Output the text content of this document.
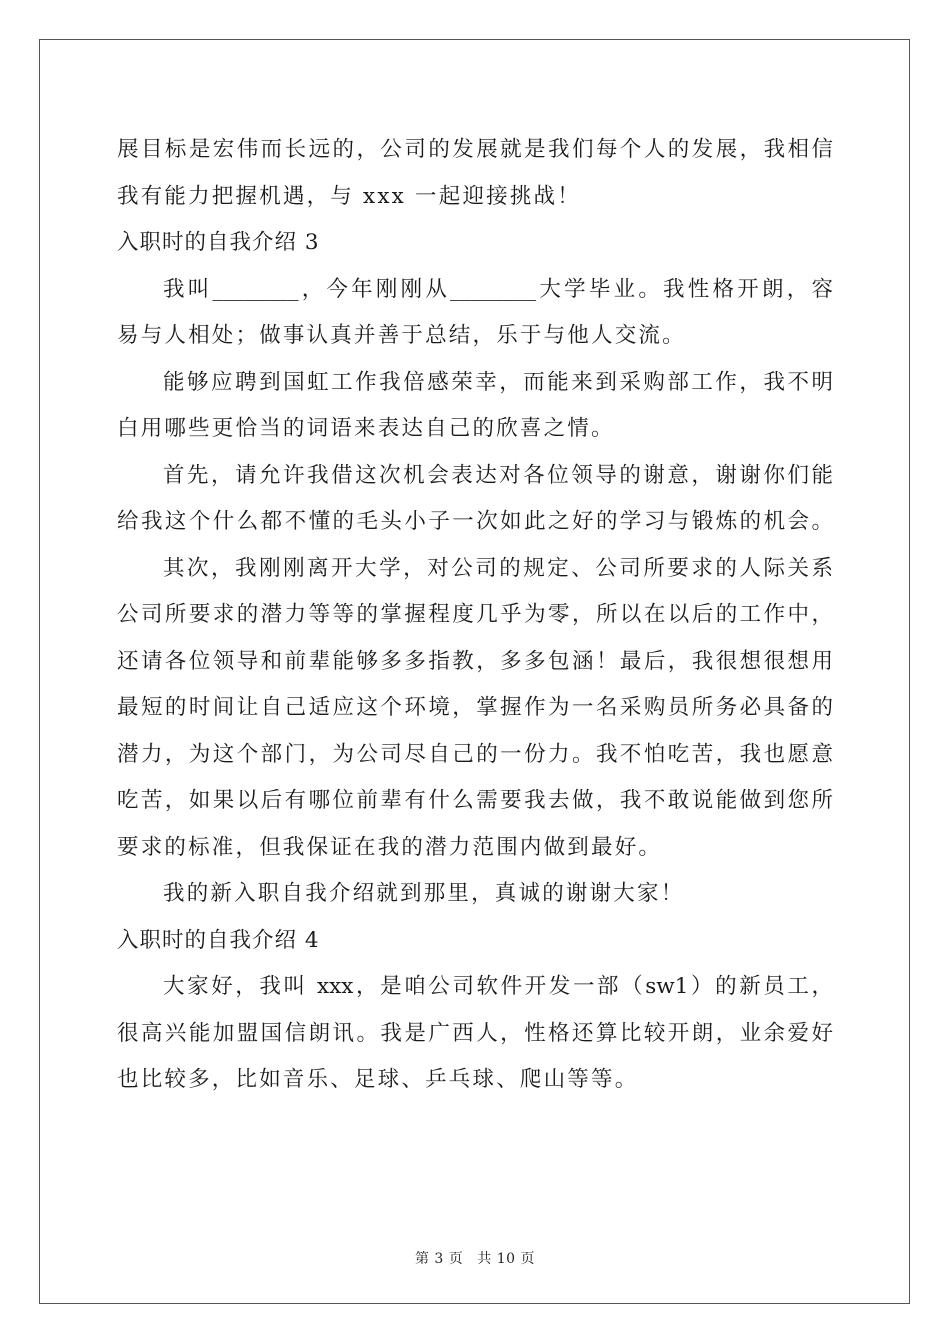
展目标是宏伟而长远的，公司的发展就是我们每个人的发展，我相信
我有能力把握机遇，与 xxx 一起迎接挑战！
入职时的自我介绍 3
我叫________，今年刚刚从________大学毕业。我性格开朗，容
易与人相处；做事认真并善于总结，乐于与他人交流。
能够应聘到国虹工作我倍感荣幸，而能来到采购部工作，我不明
白用哪些更恰当的词语来表达自己的欣喜之情。
首先，请允许我借这次机会表达对各位领导的谢意，谢谢你们能
给我这个什么都不懂的毛头小子一次如此之好的学习与锻炼的机会。
其次，我刚刚离开大学，对公司的规定、公司所要求的人际关系
公司所要求的潜力等等的掌握程度几乎为零，所以在以后的工作中，
还请各位领导和前辈能够多多指教，多多包涵！最后，我很想很想用
最短的时间让自己适应这个环境，掌握作为一名采购员所务必具备的
潜力，为这个部门，为公司尽自己的一份力。我不怕吃苦，我也愿意
吃苦，如果以后有哪位前辈有什么需要我去做，我不敢说能做到您所
要求的标准，但我保证在我的潜力范围内做到最好。
我的新入职自我介绍就到那里，真诚的谢谢大家！
入职时的自我介绍 4
大家好，我叫 xxx，是咱公司软件开发一部（sw1）的新员工，
很高兴能加盟国信朗讯。我是广西人，性格还算比较开朗，业余爱好
也比较多，比如音乐、足球、乒乓球、爬山等等。
第 3 页 共 10 页
